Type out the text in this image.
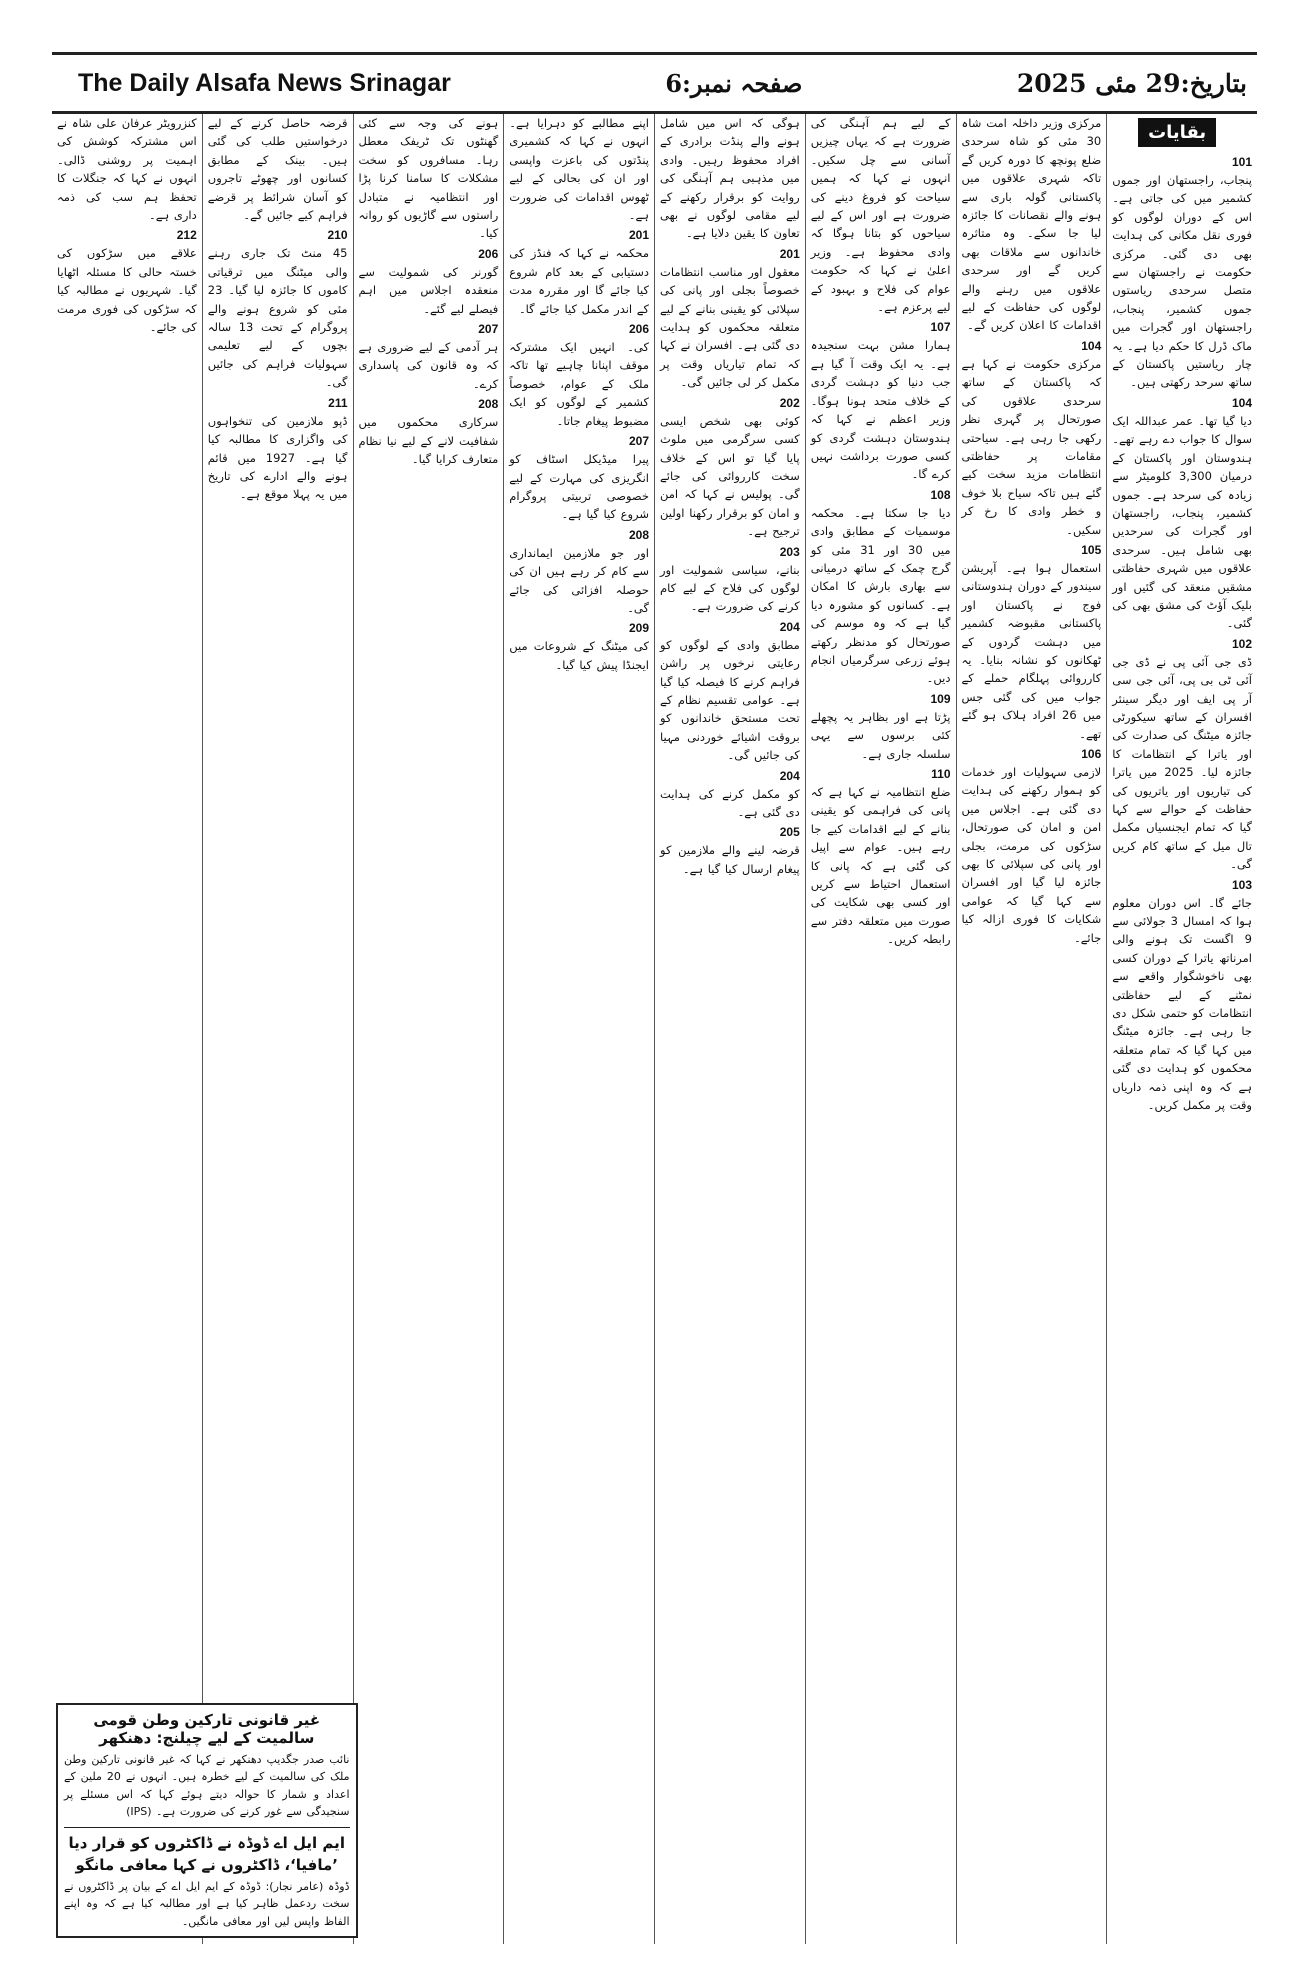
The Daily Alsafa News Srinagar	صفحہ نمبر:6	بتاریخ:29 مئی 2025
بقایات
101
پنجاب، راجستھان اور جموں کشمیر میں کی جاتی ہے۔ اس کے دوران لوگوں کو فوری نقل مکانی کی ہدایت بھی دی گئی۔ مرکزی حکومت نے راجستھان سے متصل سرحدی ریاستوں جموں کشمیر، پنجاب، راجستھان اور گجرات میں ماک ڈرل کا حکم دیا ہے۔ یہ چار ریاستیں پاکستان کے ساتھ سرحد رکھتی ہیں۔
104
دیا گیا تھا۔ عمر عبداللہ ایک سوال کا جواب دے رہے تھے۔ ہندوستان اور پاکستان کے درمیان 3,300 کلومیٹر سے زیادہ کی سرحد ہے۔ جموں کشمیر، پنجاب، راجستھان اور گجرات کی سرحدیں بھی شامل ہیں۔ سرحدی علاقوں میں شہری حفاظتی مشقیں منعقد کی گئیں اور بلیک آؤٹ کی مشق بھی کی گئی۔
102
ڈی جی آئی پی نے ڈی جی آئی ٹی بی پی، آئی جی سی آر پی ایف اور دیگر سینئر افسران کے ساتھ سیکورٹی جائزہ میٹنگ کی صدارت کی اور یاترا کے انتظامات کا جائزہ لیا۔ 2025 میں یاترا کی تیاریوں اور یاتریوں کی حفاظت کے حوالے سے کہا گیا کہ تمام ایجنسیاں مکمل تال میل کے ساتھ کام کریں گی۔
103
جائے گا۔ اس دوران معلوم ہوا کہ امسال 3 جولائی سے 9 اگست تک ہونے والی امرناتھ یاترا کے دوران کسی بھی ناخوشگوار واقعے سے نمٹنے کے لیے حفاظتی انتظامات کو حتمی شکل دی جا رہی ہے۔ جائزہ میٹنگ میں کہا گیا کہ تمام متعلقہ محکموں کو ہدایت دی گئی ہے کہ وہ اپنی ذمہ داریاں وقت پر مکمل کریں۔
مرکزی وزیر داخلہ امت شاہ 30 مئی کو شاہ سرحدی ضلع پونچھ کا دورہ کریں گے تاکہ شہری علاقوں میں پاکستانی گولہ باری سے ہونے والے نقصانات کا جائزہ لیا جا سکے۔ وہ متاثرہ خاندانوں سے ملاقات بھی کریں گے اور سرحدی علاقوں میں رہنے والے لوگوں کی حفاظت کے لیے اقدامات کا اعلان کریں گے۔
104
مرکزی حکومت نے کہا ہے کہ پاکستان کے ساتھ سرحدی علاقوں کی صورتحال پر گہری نظر رکھی جا رہی ہے۔ سیاحتی مقامات پر حفاظتی انتظامات مزید سخت کیے گئے ہیں تاکہ سیاح بلا خوف و خطر وادی کا رخ کر سکیں۔
105
استعمال ہوا ہے۔ آپریشن سیندور کے دوران ہندوستانی فوج نے پاکستان اور پاکستانی مقبوضہ کشمیر میں دہشت گردوں کے ٹھکانوں کو نشانہ بنایا۔ یہ کارروائی پہلگام حملے کے جواب میں کی گئی جس میں 26 افراد ہلاک ہو گئے تھے۔
106
لازمی سہولیات اور خدمات کو ہموار رکھنے کی ہدایت دی گئی ہے۔ اجلاس میں امن و امان کی صورتحال، سڑکوں کی مرمت، بجلی اور پانی کی سپلائی کا بھی جائزہ لیا گیا اور افسران سے کہا گیا کہ عوامی شکایات کا فوری ازالہ کیا جائے۔
کے لیے ہم آہنگی کی ضرورت ہے کہ یہاں چیزیں آسانی سے چل سکیں۔ انہوں نے کہا کہ ہمیں سیاحت کو فروغ دینے کی ضرورت ہے اور اس کے لیے سیاحوں کو بتانا ہوگا کہ وادی محفوظ ہے۔ وزیر اعلیٰ نے کہا کہ حکومت عوام کی فلاح و بہبود کے لیے پرعزم ہے۔
107
ہمارا مشن بہت سنجیدہ ہے۔ یہ ایک وقت آ گیا ہے جب دنیا کو دہشت گردی کے خلاف متحد ہونا ہوگا۔ وزیر اعظم نے کہا کہ ہندوستان دہشت گردی کو کسی صورت برداشت نہیں کرے گا۔
108
دیا جا سکتا ہے۔ محکمہ موسمیات کے مطابق وادی میں 30 اور 31 مئی کو گرج چمک کے ساتھ درمیانی سے بھاری بارش کا امکان ہے۔ کسانوں کو مشورہ دیا گیا ہے کہ وہ موسم کی صورتحال کو مدنظر رکھتے ہوئے زرعی سرگرمیاں انجام دیں۔
109
پڑتا ہے اور بظاہر یہ پچھلے کئی برسوں سے یہی سلسلہ جاری ہے۔
110
ضلع انتظامیہ نے کہا ہے کہ پانی کی فراہمی کو یقینی بنانے کے لیے اقدامات کیے جا رہے ہیں۔ عوام سے اپیل کی گئی ہے کہ پانی کا استعمال احتیاط سے کریں اور کسی بھی شکایت کی صورت میں متعلقہ دفتر سے رابطہ کریں۔
ہوگی کہ اس میں شامل ہونے والے پنڈت برادری کے افراد محفوظ رہیں۔ وادی میں مذہبی ہم آہنگی کی روایت کو برقرار رکھنے کے لیے مقامی لوگوں نے بھی تعاون کا یقین دلایا ہے۔
201
معقول اور مناسب انتظامات خصوصاً بجلی اور پانی کی سپلائی کو یقینی بنانے کے لیے متعلقہ محکموں کو ہدایت دی گئی ہے۔ افسران نے کہا کہ تمام تیاریاں وقت پر مکمل کر لی جائیں گی۔
202
کوئی بھی شخص ایسی کسی سرگرمی میں ملوث پایا گیا تو اس کے خلاف سخت کارروائی کی جائے گی۔ پولیس نے کہا کہ امن و امان کو برقرار رکھنا اولین ترجیح ہے۔
203
بنانے، سیاسی شمولیت اور لوگوں کی فلاح کے لیے کام کرنے کی ضرورت ہے۔
204
مطابق وادی کے لوگوں کو رعایتی نرخوں پر راشن فراہم کرنے کا فیصلہ کیا گیا ہے۔ عوامی تقسیم نظام کے تحت مستحق خاندانوں کو بروقت اشیائے خوردنی مہیا کی جائیں گی۔
204
کو مکمل کرنے کی ہدایت دی گئی ہے۔
205
قرضہ لینے والے ملازمین کو پیغام ارسال کیا گیا ہے۔
اپنے مطالبے کو دہرایا ہے۔ انہوں نے کہا کہ کشمیری پنڈتوں کی باعزت واپسی اور ان کی بحالی کے لیے ٹھوس اقدامات کی ضرورت ہے۔
201
محکمہ نے کہا کہ فنڈز کی دستیابی کے بعد کام شروع کیا جائے گا اور مقررہ مدت کے اندر مکمل کیا جائے گا۔
206
کی۔ انہیں ایک مشترکہ موقف اپنانا چاہیے تھا تاکہ ملک کے عوام، خصوصاً کشمیر کے لوگوں کو ایک مضبوط پیغام جاتا۔
207
پیرا میڈیکل اسٹاف کو انگریزی کی مہارت کے لیے خصوصی تربیتی پروگرام شروع کیا گیا ہے۔
208
اور جو ملازمین ایمانداری سے کام کر رہے ہیں ان کی حوصلہ افزائی کی جائے گی۔
209
کی میٹنگ کے شروعات میں ایجنڈا پیش کیا گیا۔
ہونے کی وجہ سے کئی گھنٹوں تک ٹریفک معطل رہا۔ مسافروں کو سخت مشکلات کا سامنا کرنا پڑا اور انتظامیہ نے متبادل راستوں سے گاڑیوں کو روانہ کیا۔
206
گورنر کی شمولیت سے منعقدہ اجلاس میں اہم فیصلے لیے گئے۔
207
ہر آدمی کے لیے ضروری ہے کہ وہ قانون کی پاسداری کرے۔
208
سرکاری محکموں میں شفافیت لانے کے لیے نیا نظام متعارف کرایا گیا۔
قرضہ حاصل کرنے کے لیے درخواستیں طلب کی گئی ہیں۔ بینک کے مطابق کسانوں اور چھوٹے تاجروں کو آسان شرائط پر قرضے فراہم کیے جائیں گے۔
210
45 منٹ تک جاری رہنے والی میٹنگ میں ترقیاتی کاموں کا جائزہ لیا گیا۔ 23 مئی کو شروع ہونے والے پروگرام کے تحت 13 سالہ بچوں کے لیے تعلیمی سہولیات فراہم کی جائیں گی۔
211
ڈپو ملازمین کی تنخواہوں کی واگزاری کا مطالبہ کیا گیا ہے۔ 1927 میں قائم ہونے والے ادارے کی تاریخ میں یہ پہلا موقع ہے۔
کنزرویٹر عرفان علی شاہ نے اس مشترکہ کوشش کی اہمیت پر روشنی ڈالی۔ انہوں نے کہا کہ جنگلات کا تحفظ ہم سب کی ذمہ داری ہے۔
212
علاقے میں سڑکوں کی خستہ حالی کا مسئلہ اٹھایا گیا۔ شہریوں نے مطالبہ کیا کہ سڑکوں کی فوری مرمت کی جائے۔
غیر قانونی تارکین وطن قومی سالمیت کے لیے چیلنج: دھنکھر
نائب صدر جگدیپ دھنکھر نے کہا کہ غیر قانونی تارکین وطن ملک کی سالمیت کے لیے خطرہ ہیں۔ انہوں نے 20 ملین کے اعداد و شمار کا حوالہ دیتے ہوئے کہا کہ اس مسئلے پر سنجیدگی سے غور کرنے کی ضرورت ہے۔ (IPS)
ایم ایل اے ڈوڈہ نے ڈاکٹروں کو قرار دیا
’مافیا‘، ڈاکٹروں نے کہا معافی مانگو
ڈوڈہ (عامر نجار): ڈوڈہ کے ایم ایل اے کے بیان پر ڈاکٹروں نے سخت ردعمل ظاہر کیا ہے اور مطالبہ کیا ہے کہ وہ اپنے الفاظ واپس لیں اور معافی مانگیں۔
